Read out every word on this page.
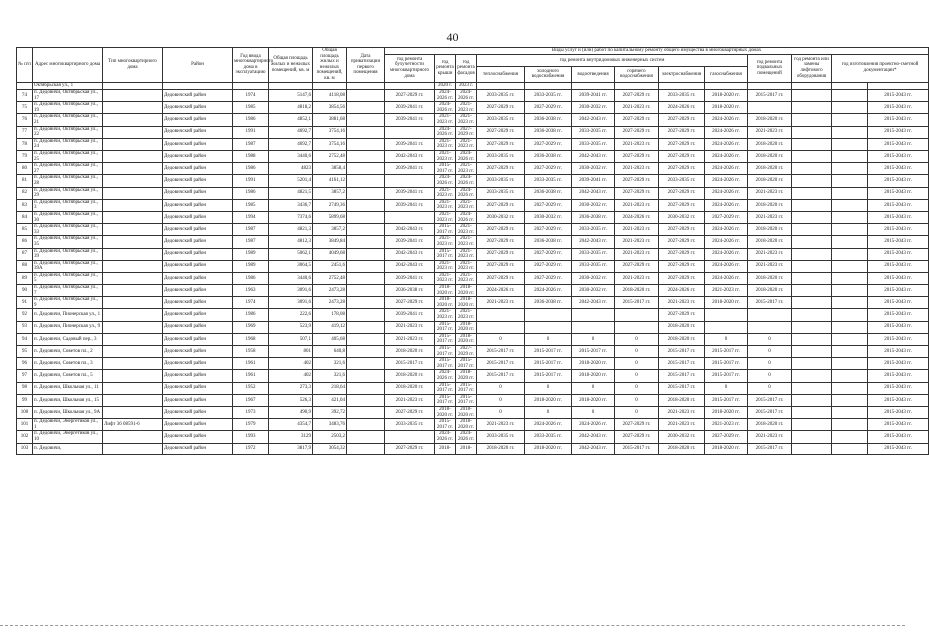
40
№ п/п	Адрес многоквартирного дома	Тип многоквартирного дома	Район	Год ввода многоквартирного дома в эксплуатацию	Общая площадь жилых и нежилых помещений, кв. м	Общая площадь жилых и нежилых помещений, кв. м	Дата приватизации первого помещения	Виды услуг и (или) работ по капитальному ремонту общего имущества в многоквартирных домах												
								год ремонта бухучетности многоквартирного дома	год ремонта крыши	год ремонта фасадов	год ремонта внутридомовых инженерных систем						год ремонта подвальных помещений	год ремонта или замены лифтового оборудования	год изготовления проектно-сметной документации*	
											теплоснабжения	холодного водоснабжения	водоотведения	горячего водоснабжения	электроснабжения	газоснабжения				
	Октябрьская ул., 1								2020 г.	2023 г.										
74	п. Дедовичи, Октябрьская ул., 17		Дедовичский район	1974	5147,6	4118,08		2027-2029 гг.	2024-2026 гг.	2024-2026 гг.	2033-2035 гг.	2033-2035 гг.	2039-2041 гг.	2027-2029 гг.	2033-2035 гг.	2018-2020 гг.	2015-2017 гг.			2015-2043 гг.
75	п. Дедовичи, Октябрьская ул., 19		Дедовичский район	1985	4818,2	3854,56		2039-2041 гг.	2024-2026 гг.	2021-2023 гг.	2027-2029 гг.	2027-2029 гг.	2030-2032 гг.	2021-2023 гг.	2024-2026 гг.	2018-2020 гг.				2015-2043 гг.
76	п. Дедовичи, Октябрьская ул., 21		Дедовичский район	1986	4852,1	3881,68		2039-2041 гг.	2021-2023 гг.	2021-2023 гг.	2033-2035 гг.	2036-2038 гг.	2042-2043 гг.	2027-2029 гг.	2027-2029 гг.	2024-2026 гг.	2018-2020 гг.			2015-2043 гг.
77	п. Дедовичи, Октябрьская ул., 22		Дедовичский район	1991	4692,7	3754,16			2024-2026 гг.	2027-2029 гг.	2027-2029 гг.	2036-2038 гг.	2033-2035 гг.	2027-2029 гг.	2027-2029 гг.	2024-2026 гг.	2021-2023 гг.			2015-2043 гг.
78	п. Дедовичи, Октябрьская ул., 24		Дедовичский район	1987	4692,7	3754,16		2039-2041 гг.	2021-2023 гг.	2021-2023 гг.	2027-2029 гг.	2027-2029 гг.	2033-2035 гг.	2021-2023 гг.	2027-2029 гг.	2024-2026 гг.	2018-2020 гг.			2015-2043 гг.
79	п. Дедовичи, Октябрьская ул., 25		Дедовичский район	1988	3440,6	2752,48		2042-2043 гг.	2021-2023 гг.	2024-2026 гг.	2033-2035 гг.	2036-2038 гг.	2042-2043 гг.	2027-2029 гг.	2027-2029 гг.	2024-2026 гг.	2018-2020 гг.			2015-2043 гг.
80	п. Дедовичи, Октябрьская ул., 27		Дедовичский район	1986	4823	3858,4		2039-2041 гг.	2015-2017 гг.	2021-2023 гг.	2027-2029 гг.	2027-2029 гг.	2030-2032 гг.	2021-2023 гг.	2027-2029 гг.	2024-2026 гг.	2018-2020 гг.			2015-2043 гг.
81	п. Дедовичи, Октябрьская ул., 28		Дедовичский район	1991	5201,4	4161,12			2024-2026 гг.	2024-2026 гг.	2033-2035 гг.	2033-2035 гг.	2039-2041 гг.	2027-2029 гг.	2033-2035 гг.	2024-2026 гг.	2018-2020 гг.			2015-2043 гг.
82	п. Дедовичи, Октябрьская ул., 29		Дедовичский район	1986	4821,5	3857,2		2039-2041 гг.	2021-2023 гг.	2024-2026 гг.	2033-2035 гг.	2036-2038 гг.	2042-2043 гг.	2027-2029 гг.	2027-2029 гг.	2024-2026 гг.	2021-2023 гг.			2015-2043 гг.
83	п. Дедовичи, Октябрьская ул., 3		Дедовичский район	1985	3436,7	2749,36		2039-2041 гг.	2021-2023 гг.	2021-2023 гг.	2027-2029 гг.	2027-2029 гг.	2030-2032 гг.	2021-2023 гг.	2027-2029 гг.	2024-2026 гг.	2018-2020 гг.			2015-2043 гг.
84	п. Дедовичи, Октябрьская ул., 30		Дедовичский район	1994	7374,6	5899,68			2021-2023 гг.	2024-2026 гг.	2030-2032 гг.	2030-2032 гг.	2036-2038 гг.	2024-2026 гг.	2030-2032 гг.	2027-2029 гг.	2021-2023 гг.			2015-2043 гг.
85	п. Дедовичи, Октябрьская ул., 33		Дедовичский район	1987	4821,3	3857,2		2042-2043 гг.	2015-2017 гг.	2021-2023 гг.	2027-2029 гг.	2027-2029 гг.	2033-2035 гг.	2021-2023 гг.	2027-2029 гг.	2024-2026 гг.	2018-2020 гг.			2015-2043 гг.
86	п. Дедовичи, Октябрьская ул., 35		Дедовичский район	1987	4812,3	3849,84		2039-2041 гг.	2021-2023 гг.	2021-2023 гг.	2027-2029 гг.	2036-2038 гг.	2042-2043 гг.	2021-2023 гг.	2027-2029 гг.	2024-2026 гг.	2018-2020 гг.			2015-2043 гг.
87	п. Дедовичи, Октябрьская ул., 39		Дедовичский район	1989	5062,1	4049,68		2042-2043 гг.	2015-2017 гг.	2021-2023 гг.	2027-2029 гг.	2027-2029 гг.	2033-2035 гг.	2021-2023 гг.	2027-2029 гг.	2024-2026 гг.	2021-2023 гг.			2015-2043 гг.
88	п. Дедовичи, Октябрьская ул., 39А		Дедовичский район	1989	3064,5	2451,6		2042-2043 гг.	2021-2023 гг.	2021-2023 гг.	2027-2029 гг.	2027-2029 гг.	2033-2035 гг.	2027-2029 гг.	2027-2029 гг.	2024-2026 гг.	2021-2023 гг.			2015-2043 гг.
89	п. Дедовичи, Октябрьская ул., 5		Дедовичский район	1986	3440,6	2752,48		2039-2041 гг.	2021-2023 гг.	2021-2023 гг.	2027-2029 гг.	2027-2029 гг.	2030-2032 гг.	2021-2023 гг.	2027-2029 гг.	2024-2026 гг.	2018-2020 гг.			2015-2043 гг.
90	п. Дедовичи, Октябрьская ул., 7		Дедовичский район	1963	3091,6	2473,28		2036-2038 гг.	2018-2020 гг.	2018-2020 гг.	2024-2026 гг.	2024-2026 гг.	2030-2032 гг.	2018-2020 гг.	2024-2026 гг.	2021-2023 гг.	2018-2020 гг.			2015-2043 гг.
91	п. Дедовичи, Октябрьская ул., 9		Дедовичский район	1974	3091,6	2473,28		2027-2029 гг.	2018-2020 гг.	2018-2020 гг.	2021-2023 гг.	2036-2038 гг.	2042-2043 гг.	2015-2017 гг.	2021-2023 гг.	2018-2020 гг.	2015-2017 гг.			2015-2043 гг.
92	п. Дедовичи, Пионерская ул., 1		Дедовичский район	1986	222,6	178,08		2039-2041 гг.	2021-2023 гг.	2021-2023 гг.					2027-2029 гг.					2015-2043 гг.
93	п. Дедовичи, Пионерская ул., 9		Дедовичский район	1969	523,9	419,12		2021-2023 гг.	2015-2017 гг.	2018-2020 гг.					2018-2020 гг.					2015-2043 гг.
94	п. Дедовичи, Садовый пер., 3		Дедовичский район	1968	507,1	405,68		2021-2023 гг.	2015-2017 гг.	2018-2020 гг.	0	0	0	0	2018-2020 гг.	0	0			2015-2043 гг.
95	п. Дедовичи, Советов пл., 2		Дедовичский район	1958	801	640,8		2018-2020 гг.	2015-2017 гг.	2027-2029 гг.	2015-2017 гг.	2015-2017 гг.	2015-2017 гг.	0	2015-2017 гг.	2015-2017 гг.	0			2015-2043 гг.
96	п. Дедовичи, Советов пл., 3		Дедовичский район	1961	402	321,6		2015-2017 гг.	2015-2017 гг.	2015-2017 гг.	2015-2017 гг.	2015-2017 гг.	2018-2020 гг.	0	2015-2017 гг.	2015-2017 гг.	0			2015-2043 гг.
97	п. Дедовичи, Советов пл., 5		Дедовичский район	1961	402	321,6		2018-2020 гг.	2024-2026 гг.	2018-2020 гг.	2015-2017 гг.	2015-2017 гг.	2018-2020 гг.	0	2015-2017 гг.	2015-2017 гг.	0			2015-2043 гг.
98	п. Дедовичи, Школьная ул., 11		Дедовичский район	1952	273,3	218,64		2018-2020 гг.	2015-2017 гг.	2015-2017 гг.	0	0	0	0	2015-2017 гг.	0	0			2015-2043 гг.
99	п. Дедовичи, Школьная ул., 15		Дедовичский район	1967	526,3	421,04		2021-2023 гг.	2015-2017 гг.	2015-2017 гг.	0	2018-2020 гг.	2018-2020 гг.	0	2018-2020 гг.	2015-2017 гг.	2015-2017 гг.			2015-2043 гг.
100	п. Дедовичи, Школьная ул., 9А		Дедовичский район	1973	490,9	392,72		2027-2029 гг.	2018-2020 гг.	2018-2020 гг.	0	0	0	0	2021-2023 гг.	2018-2020 гг.	2015-2017 гг.			2015-2043 гг.
101	п. Дедовичи, Энергетиков ул., 1	Лифт 36 08591-6	Дедовичский район	1979	4354,7	3483,76		2033-2035 гг.	2015-2017 гг.	2018-2020 гг.	2021-2023 гг.	2024-2026 гг.	2024-2026 гг.	2027-2029 гг.	2021-2023 гг.	2021-2023 гг.	2018-2020 гг.			2015-2043 гг.
102	п. Дедовичи, Энергетиков ул., 10		Дедовичский район	1993	3129	2503,2			2024-2026 гг.	2024-2026 гг.	2033-2035 гг.	2033-2035 гг.	2042-2043 гг.	2027-2029 гг.	2030-2032 гг.	2027-2029 гг.	2021-2023 гг.			2015-2043 гг.
103	п. Дедовичи,		Дедовичский район	1972	3817,9	3054,32		2027-2029 гг.	2018-	2018-	2018-2020 гг.	2018-2020 гг.	2042-2043 гг.	2015-2017 гг.	2018-2020 гг.	2018-2020 гг.	2015-2017 гг.			2015-2043 гг.
